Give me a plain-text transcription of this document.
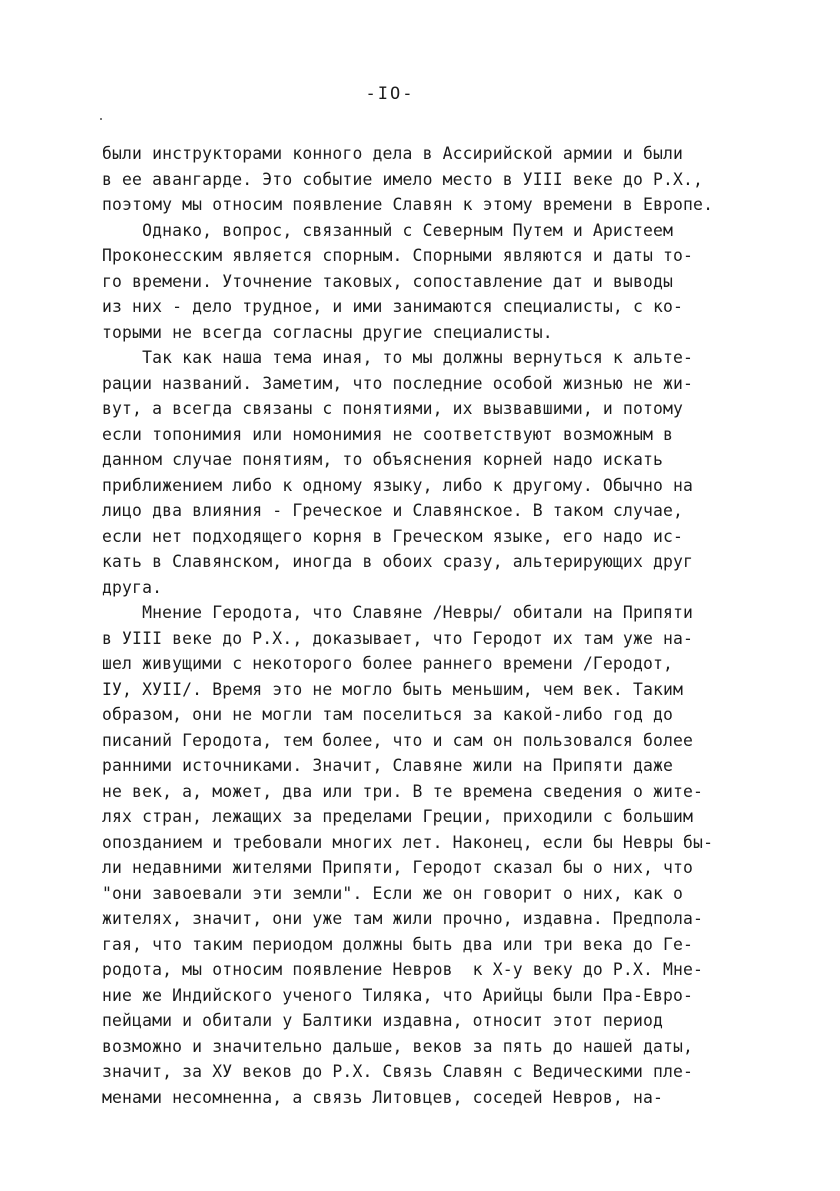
-IO-
были инструкторами конного дела в Ассирийской армии и были
в ее авангарде. Это событие имело место в УIII веке до Р.Х.,
поэтому мы относим появление Славян к этому времени в Европе.
Однако, вопрос, связанный с Северным Путем и Аристеем
Проконесским является спорным. Спорными являются и даты то-
го времени. Уточнение таковых, сопоставление дат и выводы
из них - дело трудное, и ими занимаются специалисты, с ко-
торыми не всегда согласны другие специалисты.
Так как наша тема иная, то мы должны вернуться к альте-
рации названий. Заметим, что последние особой жизнью не жи-
вут, а всегда связаны с понятиями, их вызвавшими, и потому
если топонимия или номонимия не соответствуют возможным в
данном случае понятиям, то объяснения корней надо искать
приближением либо к одному языку, либо к другому. Обычно на
лицо два влияния - Греческое и Славянское. В таком случае,
если нет подходящего корня в Греческом языке, его надо ис-
кать в Славянском, иногда в обоих сразу, альтерирующих друг
друга.
Мнение Геродота, что Славяне /Невры/ обитали на Припяти
в УIII веке до Р.Х., доказывает, что Геродот их там уже на-
шел живущими с некоторого более раннего времени /Геродот,
IУ, ХУII/. Время это не могло быть меньшим, чем век. Таким
образом, они не могли там поселиться за какой-либо год до
писаний Геродота, тем более, что и сам он пользовался более
ранними источниками. Значит, Славяне жили на Припяти даже
не век, а, может, два или три. В те времена сведения о жите-
лях стран, лежащих за пределами Греции, приходили с большим
опозданием и требовали многих лет. Наконец, если бы Невры бы-
ли недавними жителями Припяти, Геродот сказал бы о них, что
"они завоевали эти земли". Если же он говорит о них, как о
жителях, значит, они уже там жили прочно, издавна. Предпола-
гая, что таким периодом должны быть два или три века до Ге-
родота, мы относим появление Невров  к Х-у веку до Р.Х. Мне-
ние же Индийского ученого Тиляка, что Арийцы были Пра-Евро-
пейцами и обитали у Балтики издавна, относит этот период
возможно и значительно дальше, веков за пять до нашей даты,
значит, за ХУ веков до Р.Х. Связь Славян с Ведическими пле-
менами несомненна, а связь Литовцев, соседей Невров, на-
